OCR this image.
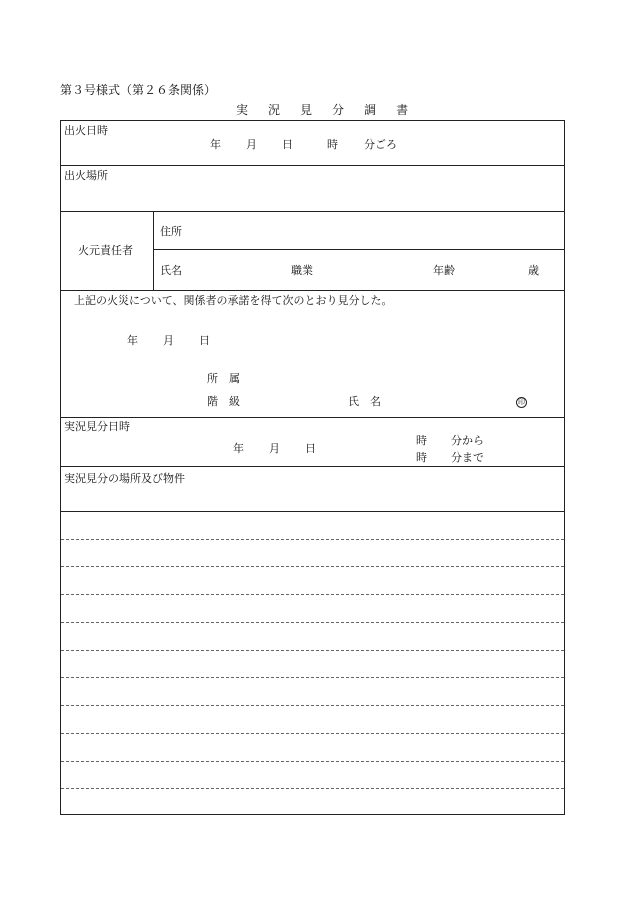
第３号様式（第２６条関係）
実 況 見 分 調 書
出火日時
年 月 日	時 分ごろ
出火場所
火元責任者
住所
氏名	職業	年齢	歳
上記の火災について、関係者の承諾を得て次のとおり見分した。
年 月 日
所　属
階　級	氏　名	印
実況見分日時
年 月 日
時 分から
時 分まで
実況見分の場所及び物件
